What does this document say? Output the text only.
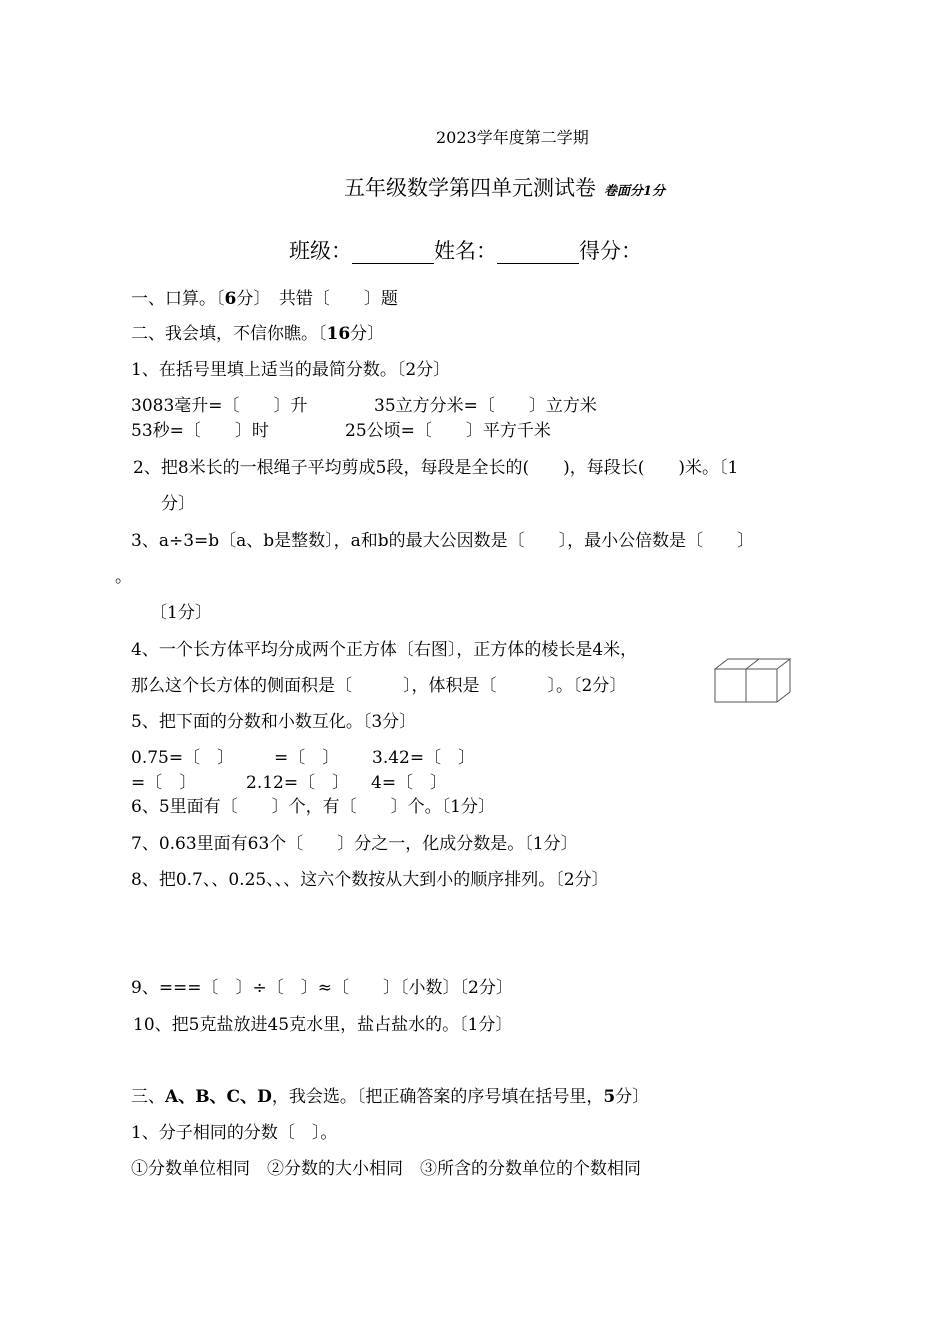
2023学年度第二学期
五年级数学第四单元测试卷 卷面分1分
班级：	姓名：	得分：
一、口算。〔6分〕　共错〔　　〕题
二、我会填，不信你瞧。〔16分〕
1、在括号里填上适当的最简分数。〔2分〕
3083毫升=〔　　〕升	35立方分米=〔　　〕立方米
53秒=〔　　〕时	25公顷=〔　　〕平方千米
2、把8米长的一根绳子平均剪成5段，每段是全长的(　　)，每段长(　　)米。〔1
分〕
3、a÷3=b〔a、b是整数〕，a和b的最大公因数是〔　　〕，最小公倍数是〔　　〕
。
〔1分〕
4、一个长方体平均分成两个正方体〔右图〕，正方体的棱长是4米，
那么这个长方体的侧面积是〔　　　〕，体积是〔　　　〕。〔2分〕
5、把下面的分数和小数互化。〔3分〕
0.75=〔　〕 =〔　〕 3.42=〔　〕
=〔　〕	2.12=〔　〕 4=〔　〕
6、5里面有〔　　〕个，有〔　　〕个。〔1分〕
7、0.63里面有63个〔　　〕分之一，化成分数是。〔1分〕
8、把0.7、、0.25、、、这六个数按从大到小的顺序排列。〔2分〕
9、===〔　〕÷〔　〕≈〔　　〕〔小数〕〔2分〕
10、把5克盐放进45克水里，盐占盐水的。〔1分〕
三、A、B、C、D，我会选。〔把正确答案的序号填在括号里，5分〕
1、分子相同的分数〔　〕。
①分数单位相同　②分数的大小相同　③所含的分数单位的个数相同
